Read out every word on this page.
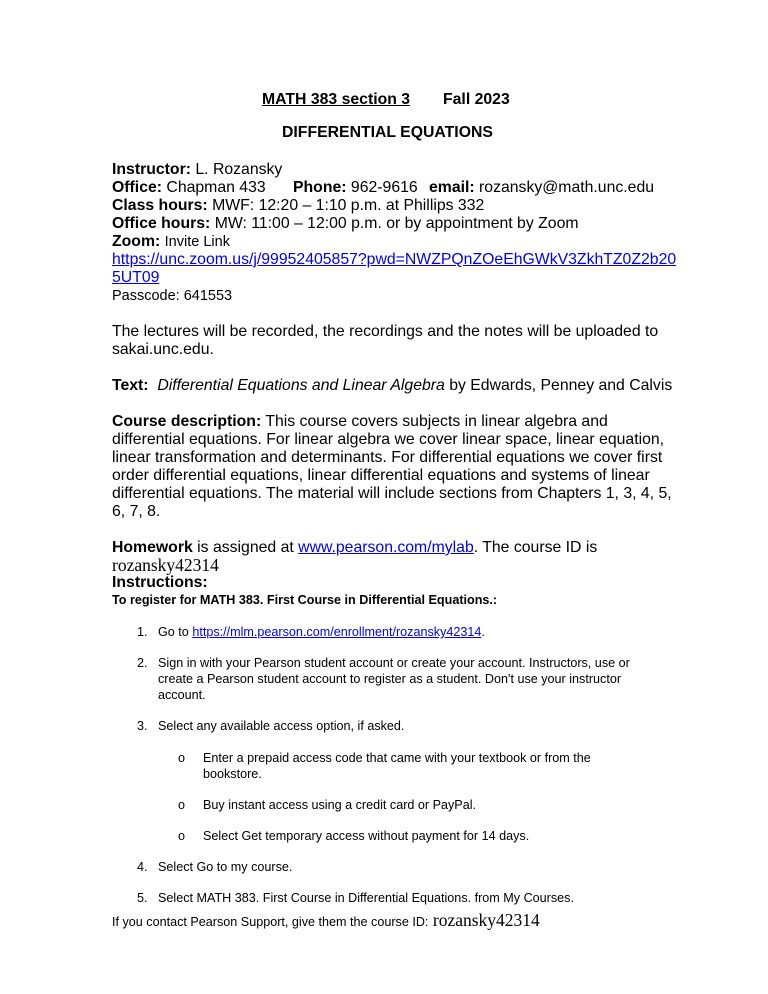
MATH 383 section 3 Fall 2023
DIFFERENTIAL EQUATIONS
Instructor: L. Rozansky
Office: Chapman 433 Phone: 962-9616 email: rozansky@math.unc.edu
Class hours: MWF: 12:20 – 1:10 p.m. at Phillips 332
Office hours: MW: 11:00 – 12:00 p.m. or by appointment by Zoom
Zoom: Invite Link
https://unc.zoom.us/j/99952405857?pwd=NWZPQnZOeEhGWkV3ZkhTZ0Z2b20
5UT09
Passcode: 641553
The lectures will be recorded, the recordings and the notes will be uploaded to
sakai.unc.edu.
Text: Differential Equations and Linear Algebra by Edwards, Penney and Calvis
Course description: This course covers subjects in linear algebra and
differential equations. For linear algebra we cover linear space, linear equation,
linear transformation and determinants. For differential equations we cover first
order differential equations, linear differential equations and systems of linear
differential equations. The material will include sections from Chapters 1, 3, 4, 5,
6, 7, 8.
Homework is assigned at www.pearson.com/mylab. The course ID is
rozansky42314
Instructions:
To register for MATH 383. First Course in Differential Equations.:
1. Go to https://mlm.pearson.com/enrollment/rozansky42314.
2. Sign in with your Pearson student account or create your account. Instructors, use or
create a Pearson student account to register as a student. Don't use your instructor
account.
3. Select any available access option, if asked.
o Enter a prepaid access code that came with your textbook or from the
bookstore.
o Buy instant access using a credit card or PayPal.
o Select Get temporary access without payment for 14 days.
4. Select Go to my course.
5. Select MATH 383. First Course in Differential Equations. from My Courses.
If you contact Pearson Support, give them the course ID: rozansky42314
